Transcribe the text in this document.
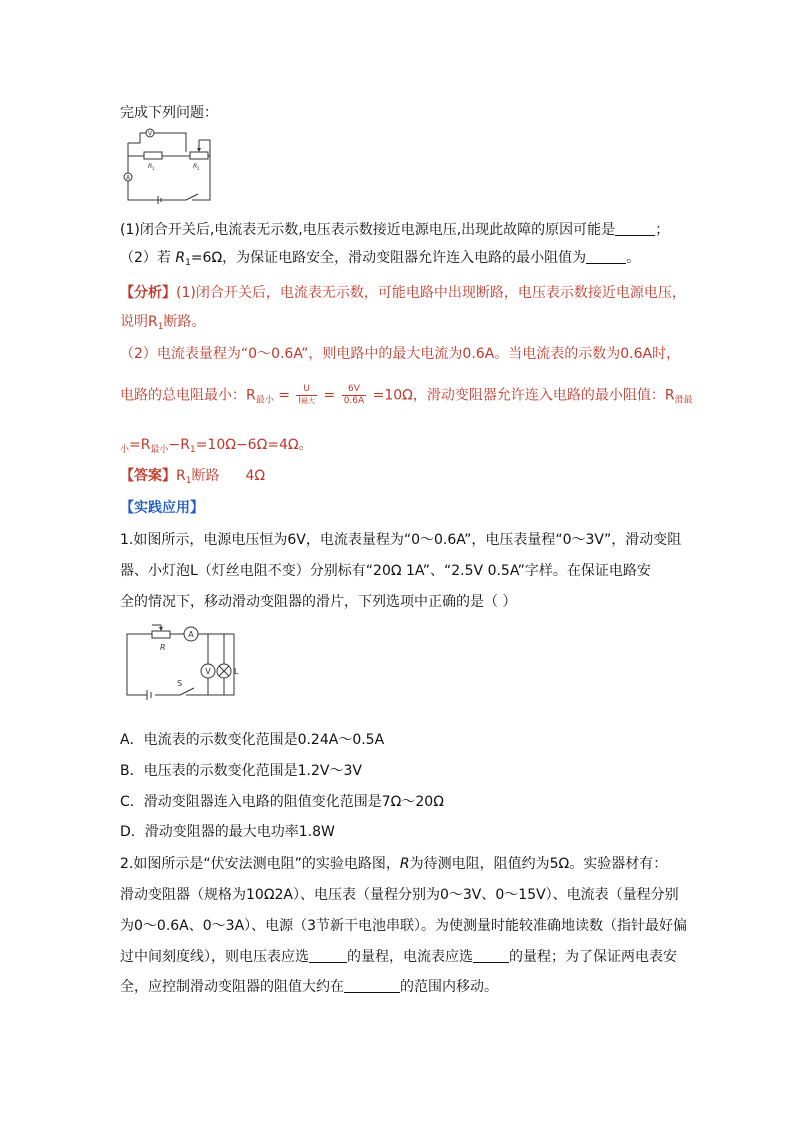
完成下列问题：
V
A
R 1	R 2
(1)闭合开关后,电流表无示数,电压表示数接近电源电压,出现此故障的原因可能是	；
（2）若 $R_1=6\Omega$，为保证电路安全，滑动变阻器允许连入电路的最小阻值为	。
【分析】(1)闭合开关后，电流表无示数，可能电路中出现断路，电压表示数接近电源电压，
说明$R_1$断路。
（2）电流表量程为“0～0.6A”，则电路中的最大电流为0.6A。当电流表的示数为0.6A时，
电路的总电阻最小：$R_{最小} = \frac{U}{\text{I最大}} = \frac{6V}{0.6A} =10\Omega$，滑动变阻器允许连入电路的最小阻值：$R_{滑最}$
$_小=R_{最小}-R_1=10\Omega-6\Omega=4\Omega$。
【答案】$R_1$断路 4Ω
【实践应用】
1.如图所示，电源电压恒为6V，电流表量程为“0～0.6A”，电压表量程“0～3V”，滑动变阻
器、小灯泡L（灯丝电阻不变）分别标有“20Ω 1A”、“2.5V 0.5A”字样。在保证电路安
全的情况下，移动滑动变阻器的滑片，下列选项中正确的是（ ）
A
V	L
R
S
A．电流表的示数变化范围是0.24A～0.5A
B．电压表的示数变化范围是1.2V～3V
C．滑动变阻器连入电路的阻值变化范围是7Ω～20Ω
D．滑动变阻器的最大电功率1.8W
2.如图所示是“伏安法测电阻”的实验电路图，R为待测电阻，阻值约为5Ω。实验器材有：
滑动变阻器（规格为10Ω2A）、电压表（量程分别为0～3V、0～15V）、电流表（量程分别
为0～0.6A、0～3A）、电源（3节新干电池串联）。为使测量时能较准确地读数（指针最好偏
过中间刻度线），则电压表应选	的量程，电流表应选	的量程；为了保证两电表安
全，应控制滑动变阻器的阻值大约在	的范围内移动。
